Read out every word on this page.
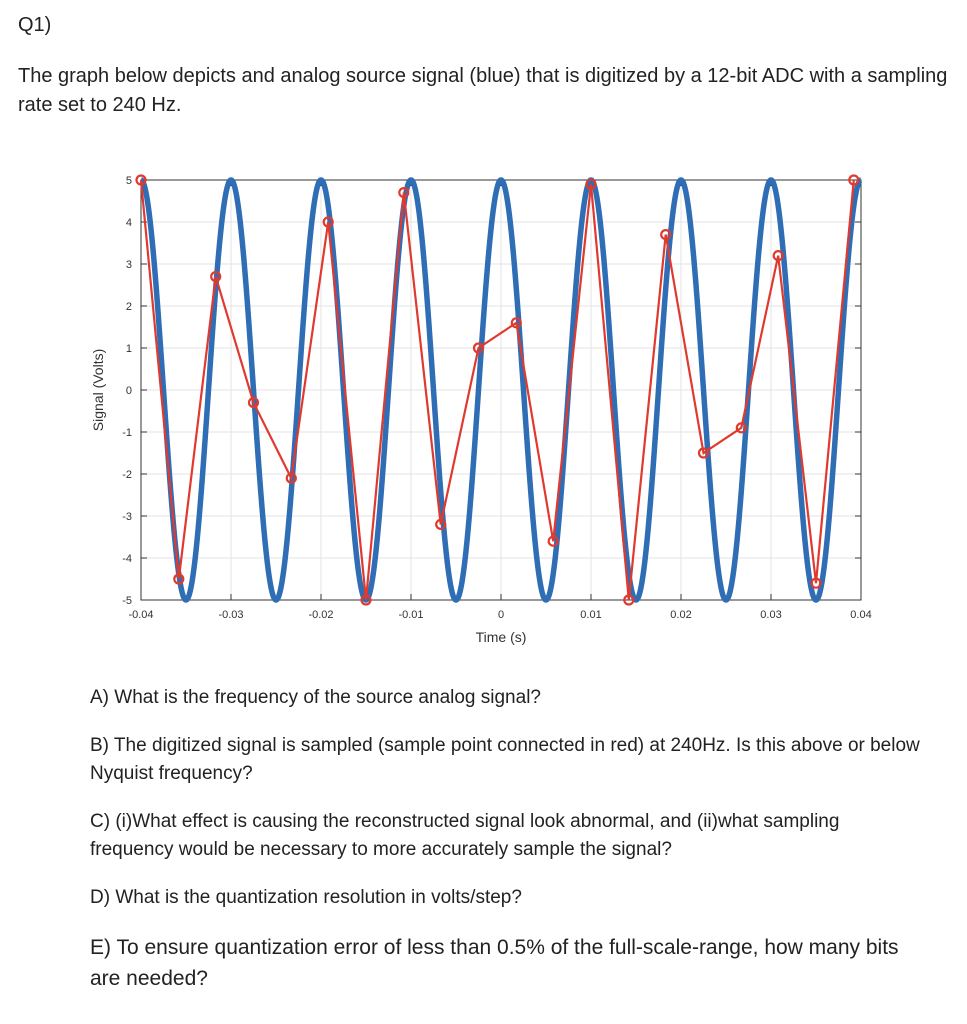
Q1)
The graph below depicts and analog source signal (blue) that is digitized by a 12-bit ADC with a sampling rate set to 240 Hz.
-0.04	-0.03	-0.02	-0.01	0	0.01	0.02	0.03	0.04
5
4
3
2
1
0
-1
-2
-3
-4
-5
Time (s)
Signal (Volts)

A) What is the frequency of the source analog signal?

B) The digitized signal is sampled (sample point connected in red) at 240Hz. Is this above or below Nyquist frequency?

C) (i)What effect is causing the reconstructed signal look abnormal, and (ii)what sampling frequency would be necessary to more accurately sample the signal?

D) What is the quantization resolution in volts/step?

E) To ensure quantization error of less than 0.5% of the full-scale-range, how many bits are needed?
